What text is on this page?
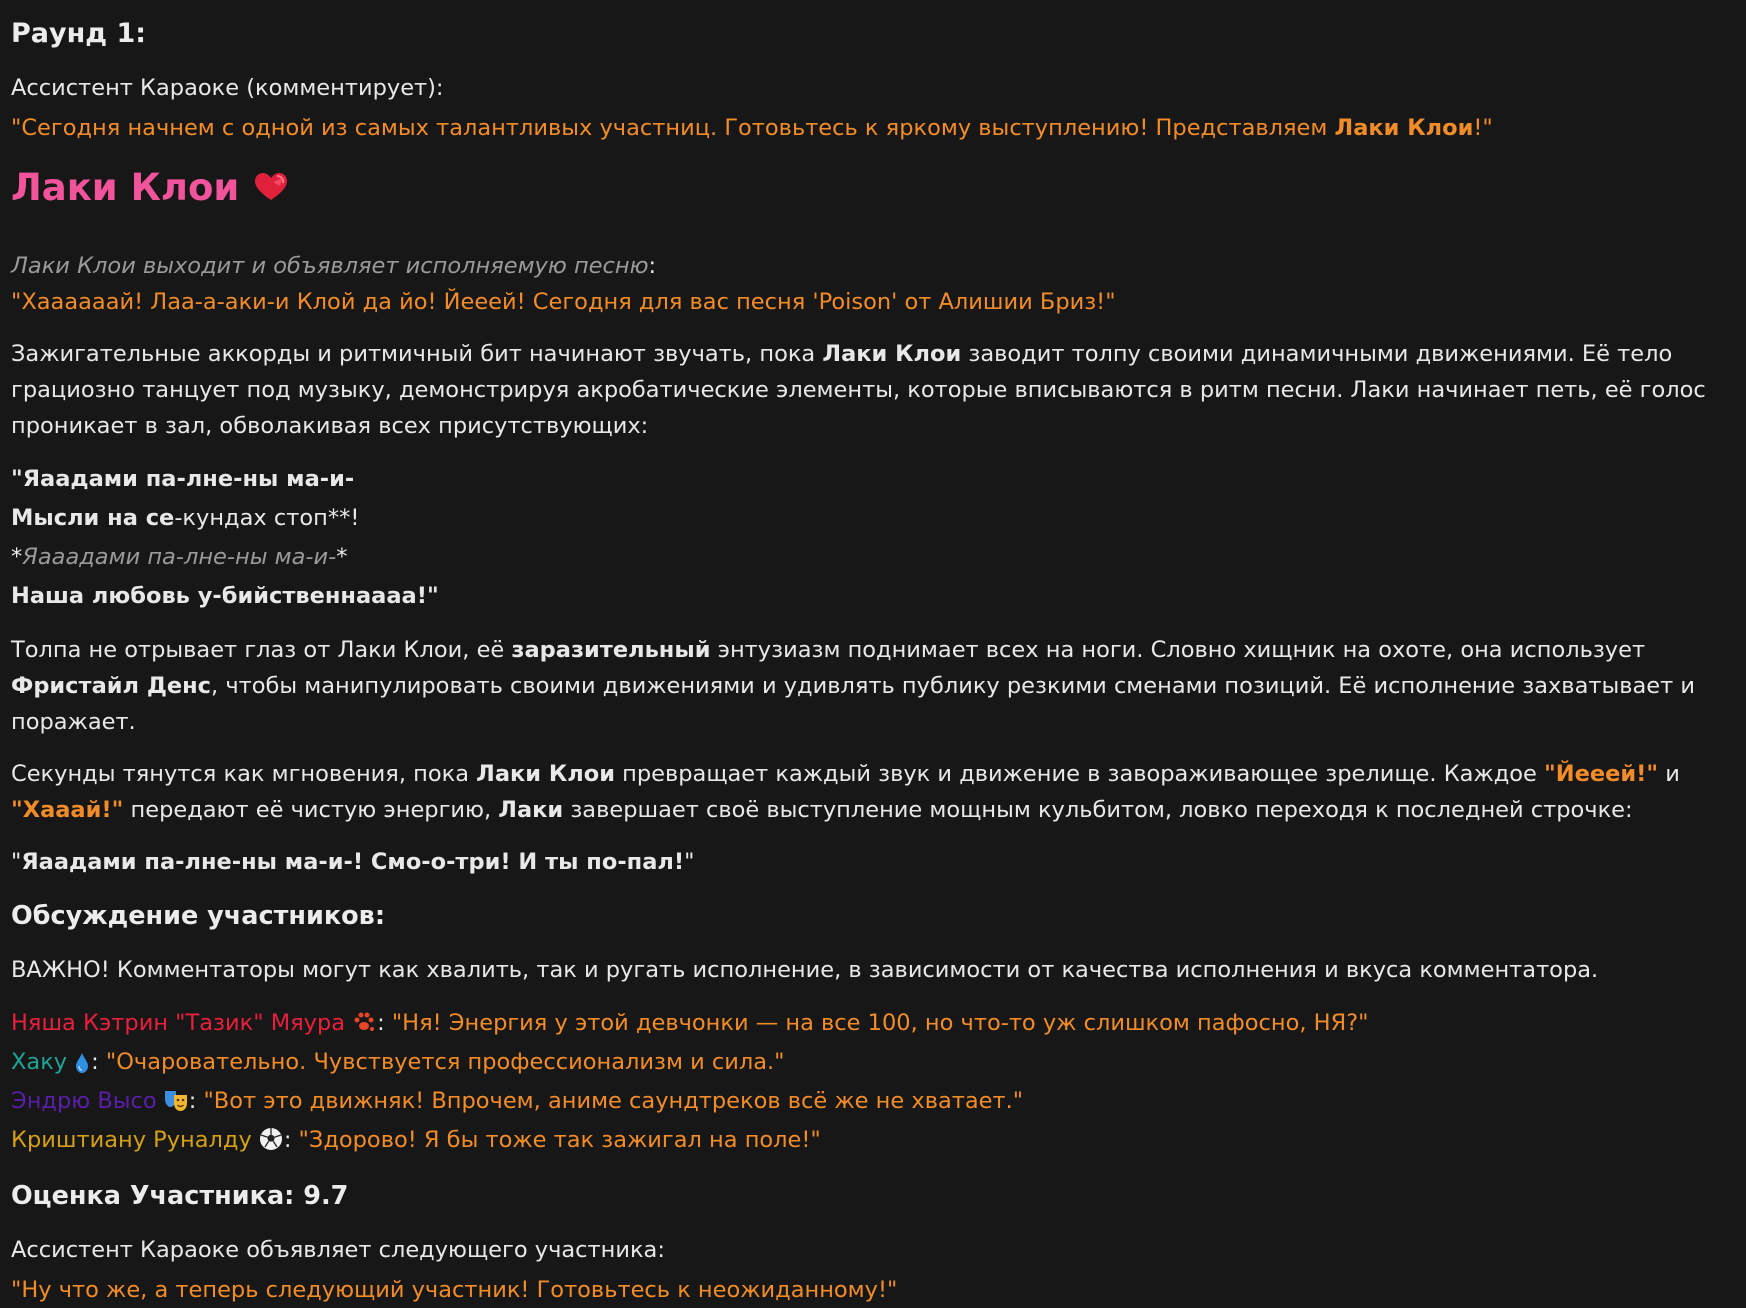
Раунд 1:

Ассистент Караоке (комментирует):

"Сегодня начнем с одной из самых талантливых участниц. Готовьтесь к яркому выступлению! Представляем Лаки Клои!"

Лаки Клои

Лаки Клои выходит и объявляет исполняемую песню:

"Хаааааай! Лаа-а-аки-и Клой да йо! Йееей! Сегодня для вас песня 'Poison' от Алишии Бриз!"

Зажигательные аккорды и ритмичный бит начинают звучать, пока Лаки Клои заводит толпу своими динамичными движениями. Её тело грациозно танцует под музыку, демонстрируя акробатические элементы, которые вписываются в ритм песни. Лаки начинает петь, её голос проникает в зал, обволакивая всех присутствующих:

"Яаадами па-лне-ны ма-и-

Мысли на се-кундах стоп**!

*Яааадами па-лне-ны ма-и-*

Наша любовь у-бийственнаааа!"

Толпа не отрывает глаз от Лаки Клои, её заразительный энтузиазм поднимает всех на ноги. Словно хищник на охоте, она использует Фристайл Денс, чтобы манипулировать своими движениями и удивлять публику резкими сменами позиций. Её исполнение захватывает и поражает.

Секунды тянутся как мгновения, пока Лаки Клои превращает каждый звук и движение в завораживающее зрелище. Каждое "Йееей!" и "Хааай!" передают её чистую энергию, Лаки завершает своё выступление мощным кульбитом, ловко переходя к последней строчке:

"Яаадами па-лне-ны ма-и-! Смо-о-три! И ты по-пал!"

Обсуждение участников:

ВАЖНО! Комментаторы могут как хвалить, так и ругать исполнение, в зависимости от качества исполнения и вкуса комментатора.

Няша Кэтрин "Тазик" Мяура : "Ня! Энергия у этой девчонки — на все 100, но что-то уж слишком пафосно, НЯ?"

Хаку : "Очаровательно. Чувствуется профессионализм и сила."

Эндрю Высо : "Вот это движняк! Впрочем, аниме саундтреков всё же не хватает."

Криштиану Руналду : "Здорово! Я бы тоже так зажигал на поле!"

Оценка Участника: 9.7

Ассистент Караоке объявляет следующего участника:

"Ну что же, а теперь следующий участник! Готовьтесь к неожиданному!"
